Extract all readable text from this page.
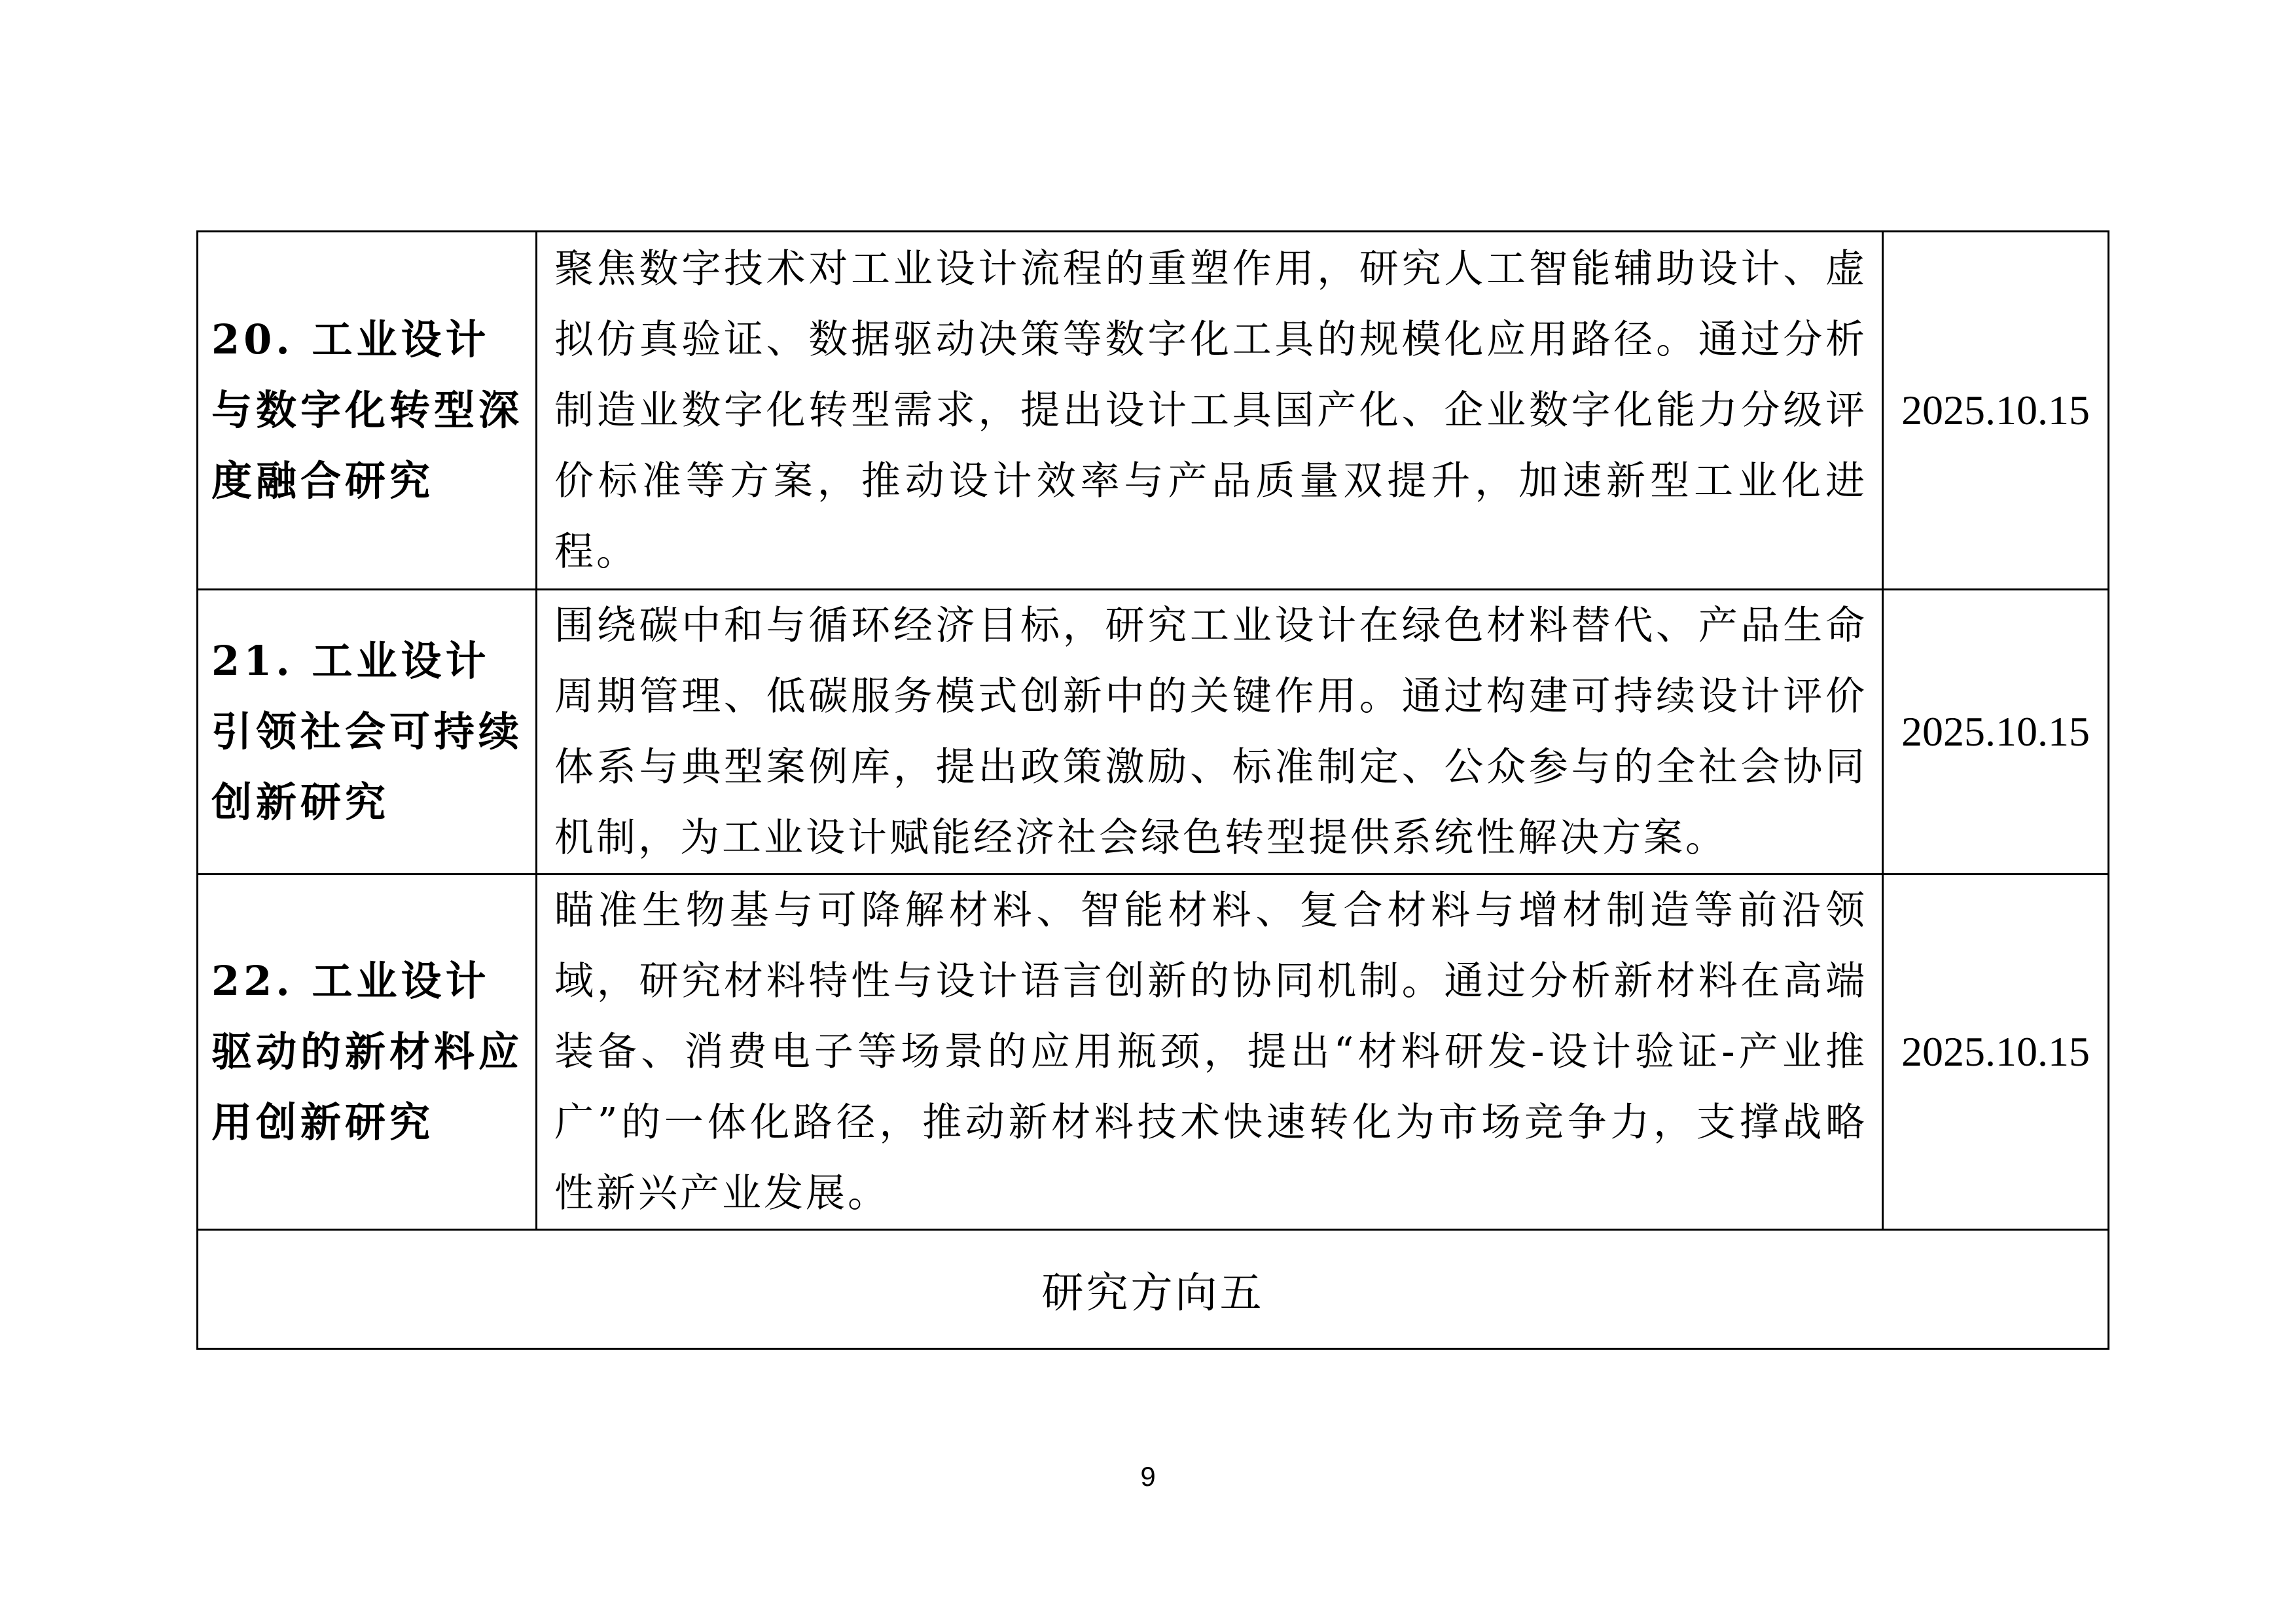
20. 工业设计与数字化转型深度融合研究	聚焦数字技术对工业设计流程的重塑作用，研究人工智能辅助设计、虚拟仿真验证、数据驱动决策等数字化工具的规模化应用路径。通过分析制造业数字化转型需求，提出设计工具国产化、企业数字化能力分级评价标准等方案，推动设计效率与产品质量双提升，加速新型工业化进程。	2025.10.15
21. 工业设计引领社会可持续创新研究	围绕碳中和与循环经济目标，研究工业设计在绿色材料替代、产品生命周期管理、低碳服务模式创新中的关键作用。通过构建可持续设计评价体系与典型案例库，提出政策激励、标准制定、公众参与的全社会协同机制，为工业设计赋能经济社会绿色转型提供系统性解决方案。	2025.10.15
22. 工业设计驱动的新材料应用创新研究	瞄准生物基与可降解材料、智能材料、复合材料与增材制造等前沿领域，研究材料特性与设计语言创新的协同机制。通过分析新材料在高端装备、消费电子等场景的应用瓶颈，提出“材料研发-设计验证-产业推广”的一体化路径，推动新材料技术快速转化为市场竞争力，支撑战略性新兴产业发展。	2025.10.15
研究方向五		
9
